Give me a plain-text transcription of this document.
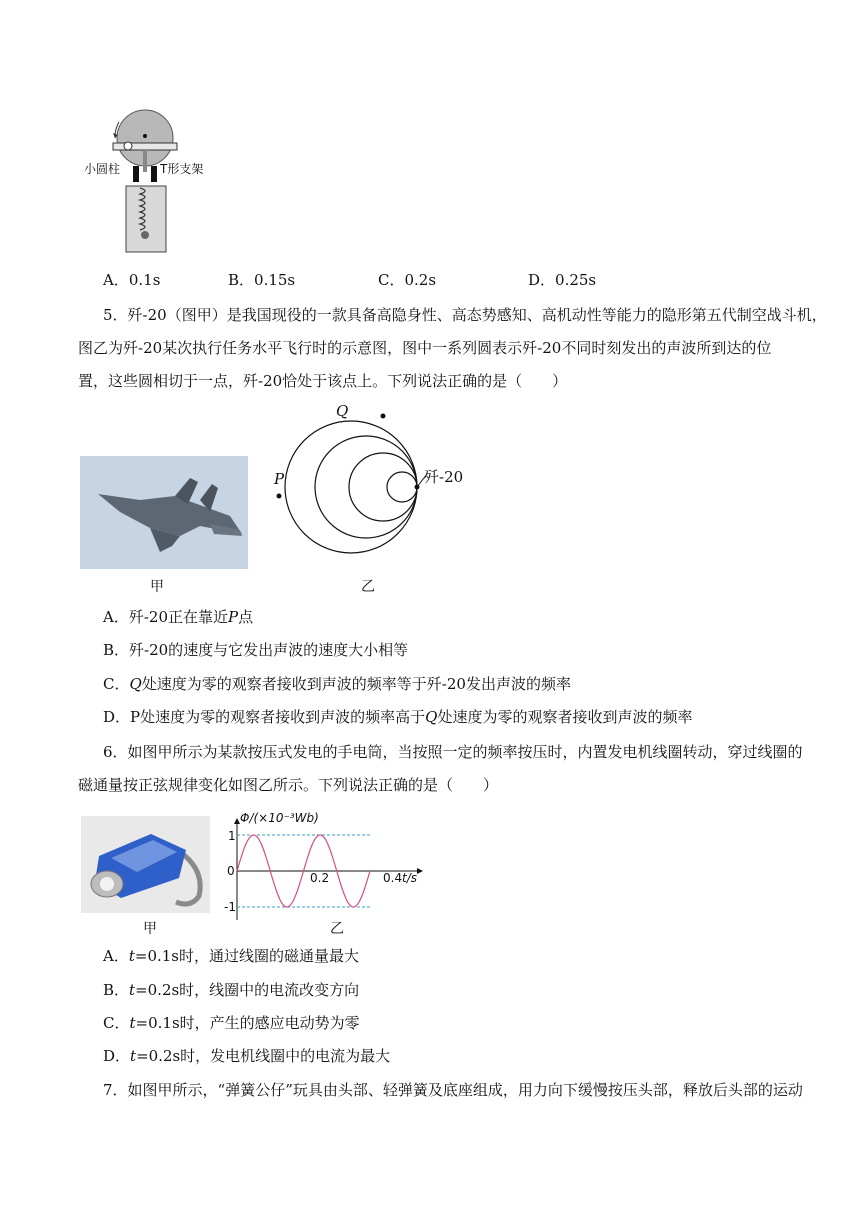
小圆柱	T形支架
A．0.1s	B．0.15s	C．0.2s	D．0.25s
5．歼-20（图甲）是我国现役的一款具备高隐身性、高态势感知、高机动性等能力的隐形第五代制空战斗机，
图乙为歼-20某次执行任务水平飞行时的示意图，图中一系列圆表示歼-20不同时刻发出的声波所到达的位
置，这些圆相切于一点，歼-20恰处于该点上。下列说法正确的是（　　）
甲
Q
P	歼-20
乙
A．歼-20正在靠近P点
B．歼-20的速度与它发出声波的速度大小相等
C．Q处速度为零的观察者接收到声波的频率等于歼-20发出声波的频率
D．P处速度为零的观察者接收到声波的频率高于Q处速度为零的观察者接收到声波的频率
6．如图甲所示为某款按压式发电的手电筒，当按照一定的频率按压时，内置发电机线圈转动，穿过线圈的
磁通量按正弦规律变化如图乙所示。下列说法正确的是（　　）
甲
Φ/(×10⁻³Wb)
1
0
-1
0.2	0.4 t/s
乙
A．t=0.1s时，通过线圈的磁通量最大
B．t=0.2s时，线圈中的电流改变方向
C．t=0.1s时，产生的感应电动势为零
D．t=0.2s时，发电机线圈中的电流为最大
7．如图甲所示，“弹簧公仔”玩具由头部、轻弹簧及底座组成，用力向下缓慢按压头部，释放后头部的运动
